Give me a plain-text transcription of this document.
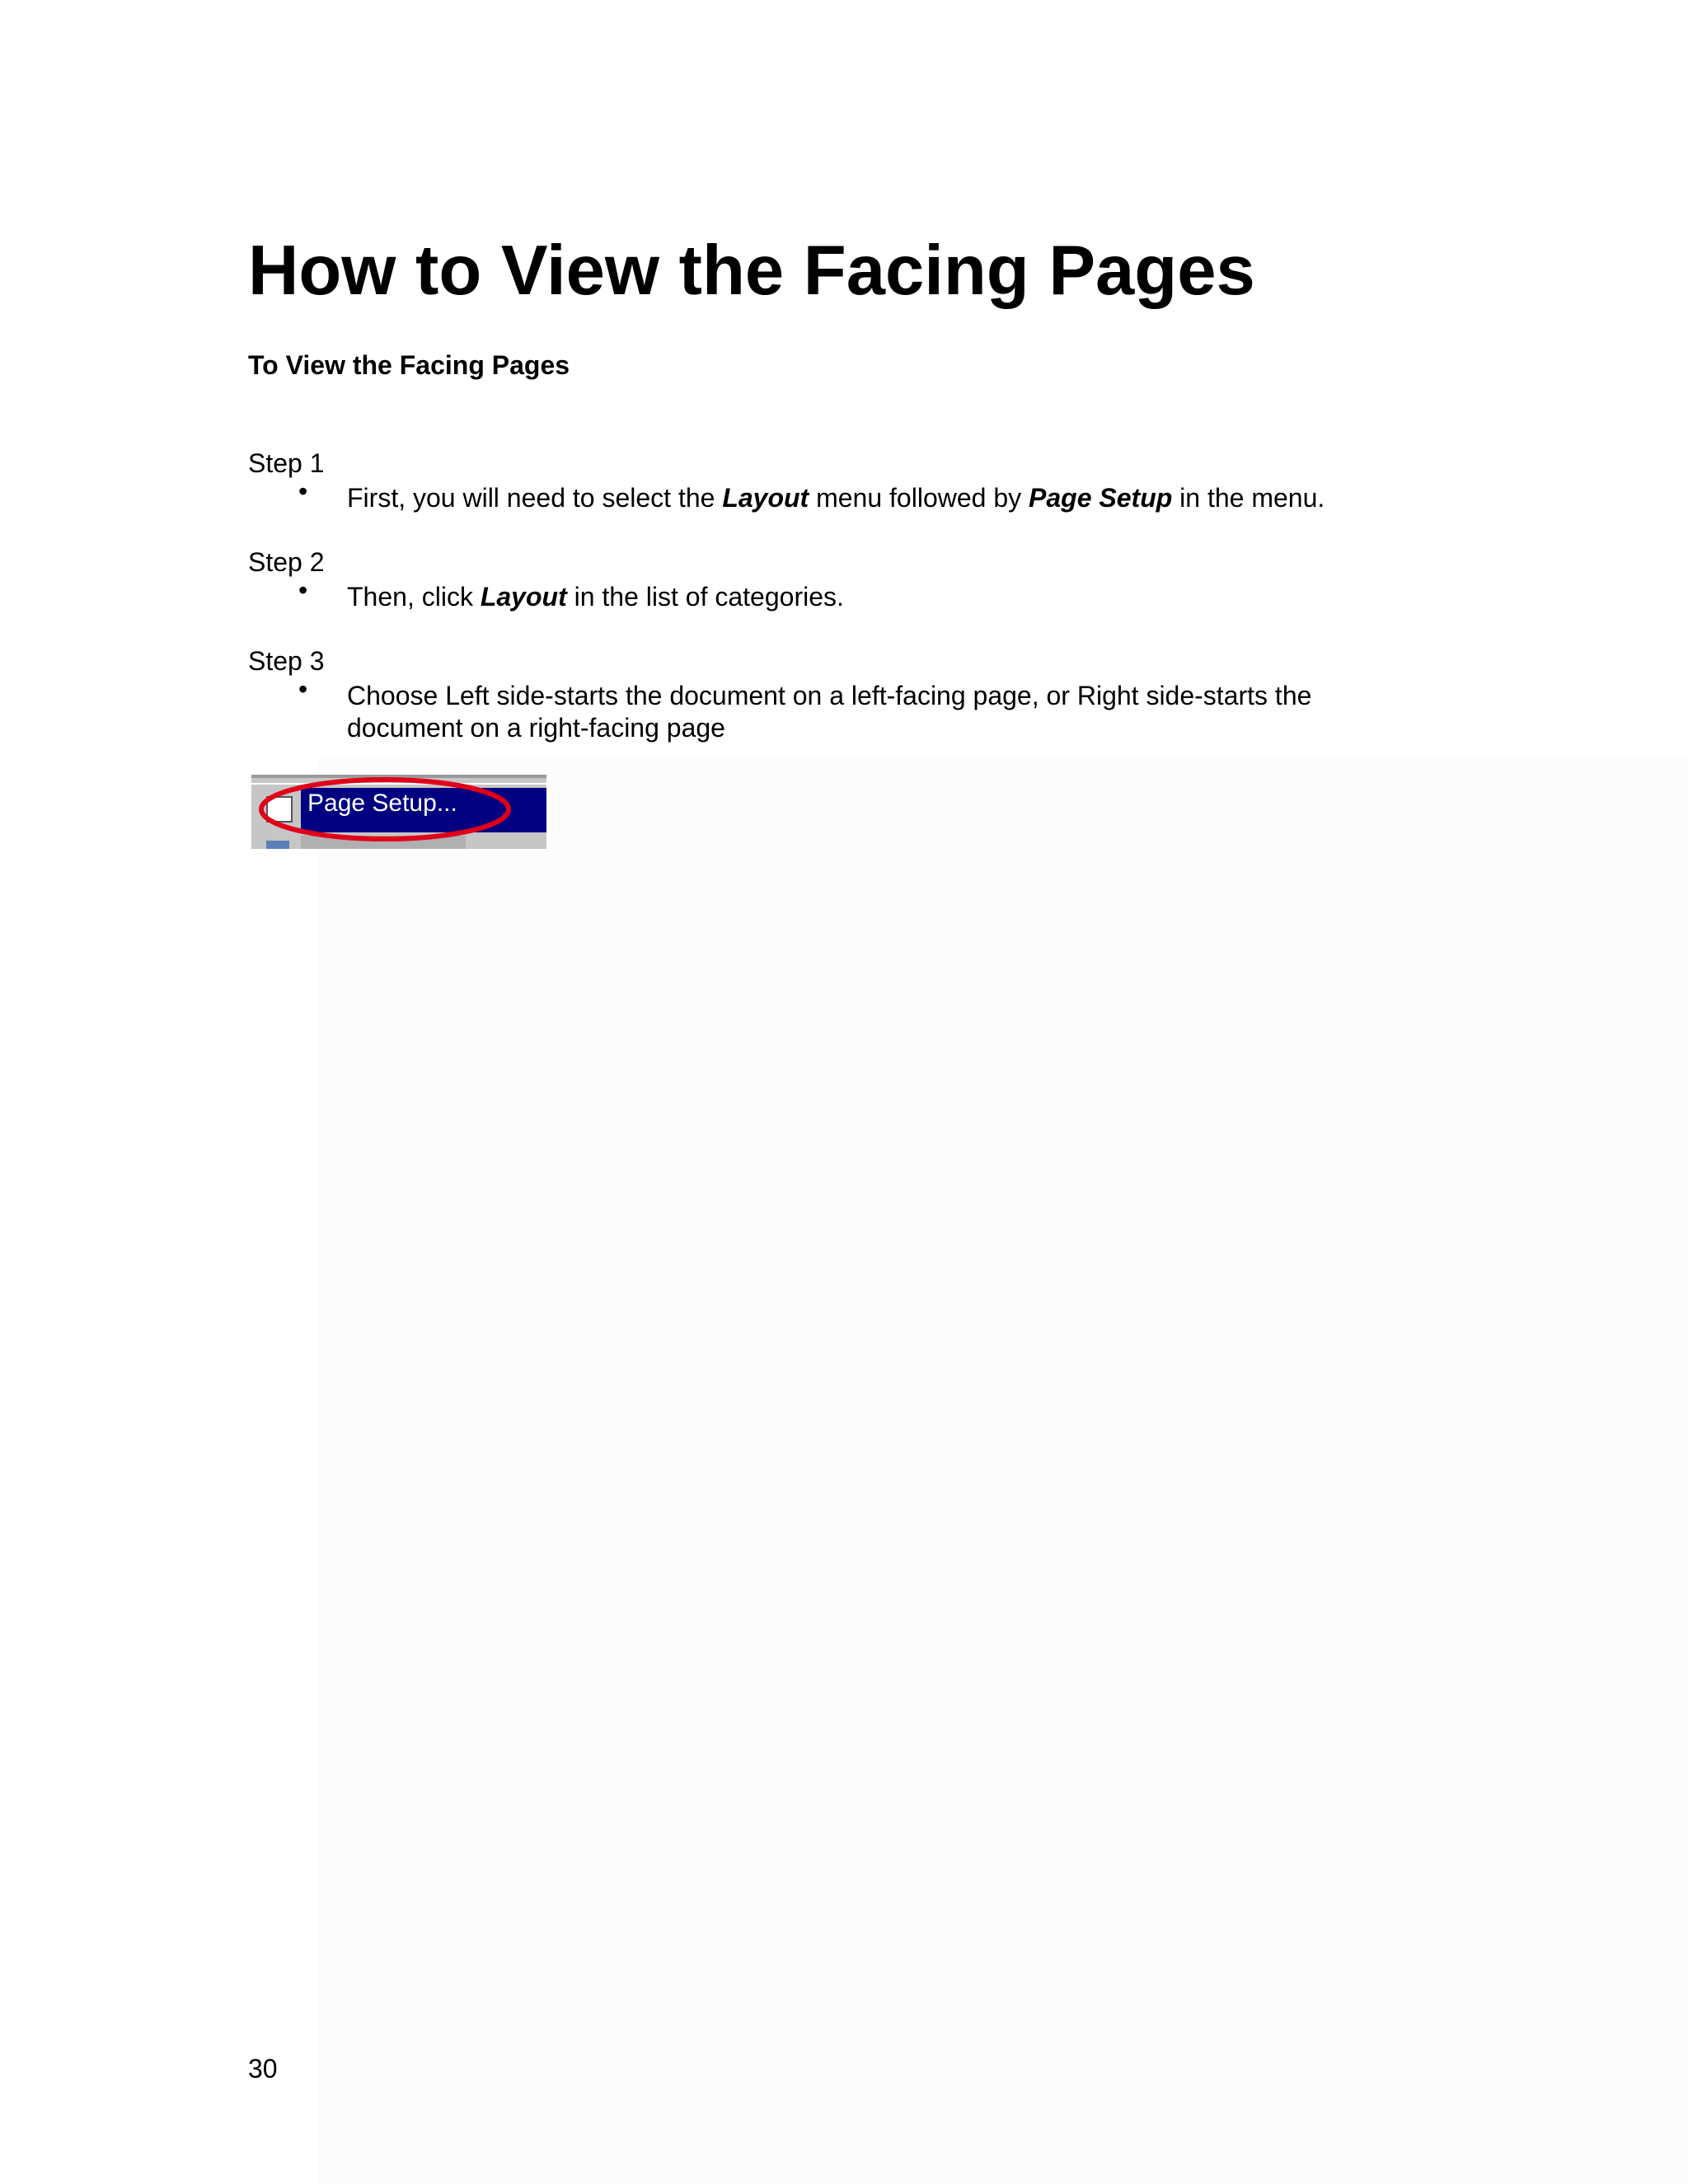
How to View the Facing Pages
To View the Facing Pages
Step 1
• First, you will need to select the Layout menu followed by Page Setup in the menu.
Step 2
• Then, click Layout in the list of categories.
Step 3
• Choose Left side-starts the document on a left-facing page, or Right side-starts the document on a right-facing page
Page Setup...
30
